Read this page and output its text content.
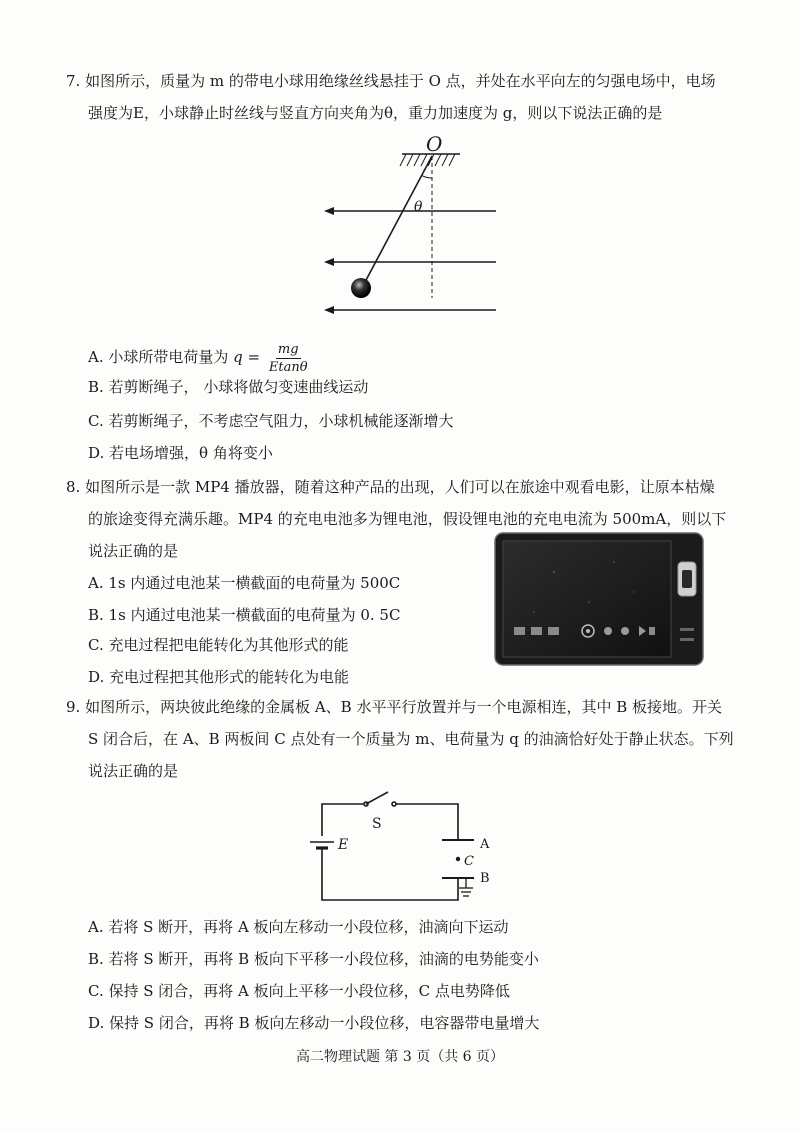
7. 如图所示，质量为 m 的带电小球用绝缘丝线悬挂于 O 点，并处在水平向左的匀强电场中，电场
强度为E，小球静止时丝线与竖直方向夹角为θ，重力加速度为 g，则以下说法正确的是
O
θ
A. 小球所带电荷量为 $q = \frac{mg}{Etan\theta}$
B. 若剪断绳子， 小球将做匀变速曲线运动
C. 若剪断绳子，不考虑空气阻力，小球机械能逐渐增大
D. 若电场增强，θ 角将变小
8. 如图所示是一款 MP4 播放器，随着这种产品的出现，人们可以在旅途中观看电影，让原本枯燥
的旅途变得充满乐趣。MP4 的充电电池多为锂电池，假设锂电池的充电电流为 500mA，则以下
说法正确的是
A. 1s 内通过电池某一横截面的电荷量为 500C
B. 1s 内通过电池某一横截面的电荷量为 0. 5C
C. 充电过程把电能转化为其他形式的能
D. 充电过程把其他形式的能转化为电能
9. 如图所示，两块彼此绝缘的金属板 A、B 水平平行放置并与一个电源相连，其中 B 板接地。开关
S 闭合后，在 A、B 两板间 C 点处有一个质量为 m、电荷量为 q 的油滴恰好处于静止状态。下列
说法正确的是
E
S
A
C
B
A. 若将 S 断开，再将 A 板向左移动一小段位移，油滴向下运动
B. 若将 S 断开，再将 B 板向下平移一小段位移，油滴的电势能变小
C. 保持 S 闭合，再将 A 板向上平移一小段位移，C 点电势降低
D. 保持 S 闭合，再将 B 板向左移动一小段位移，电容器带电量增大
高二物理试题 第 3 页（共 6 页）
